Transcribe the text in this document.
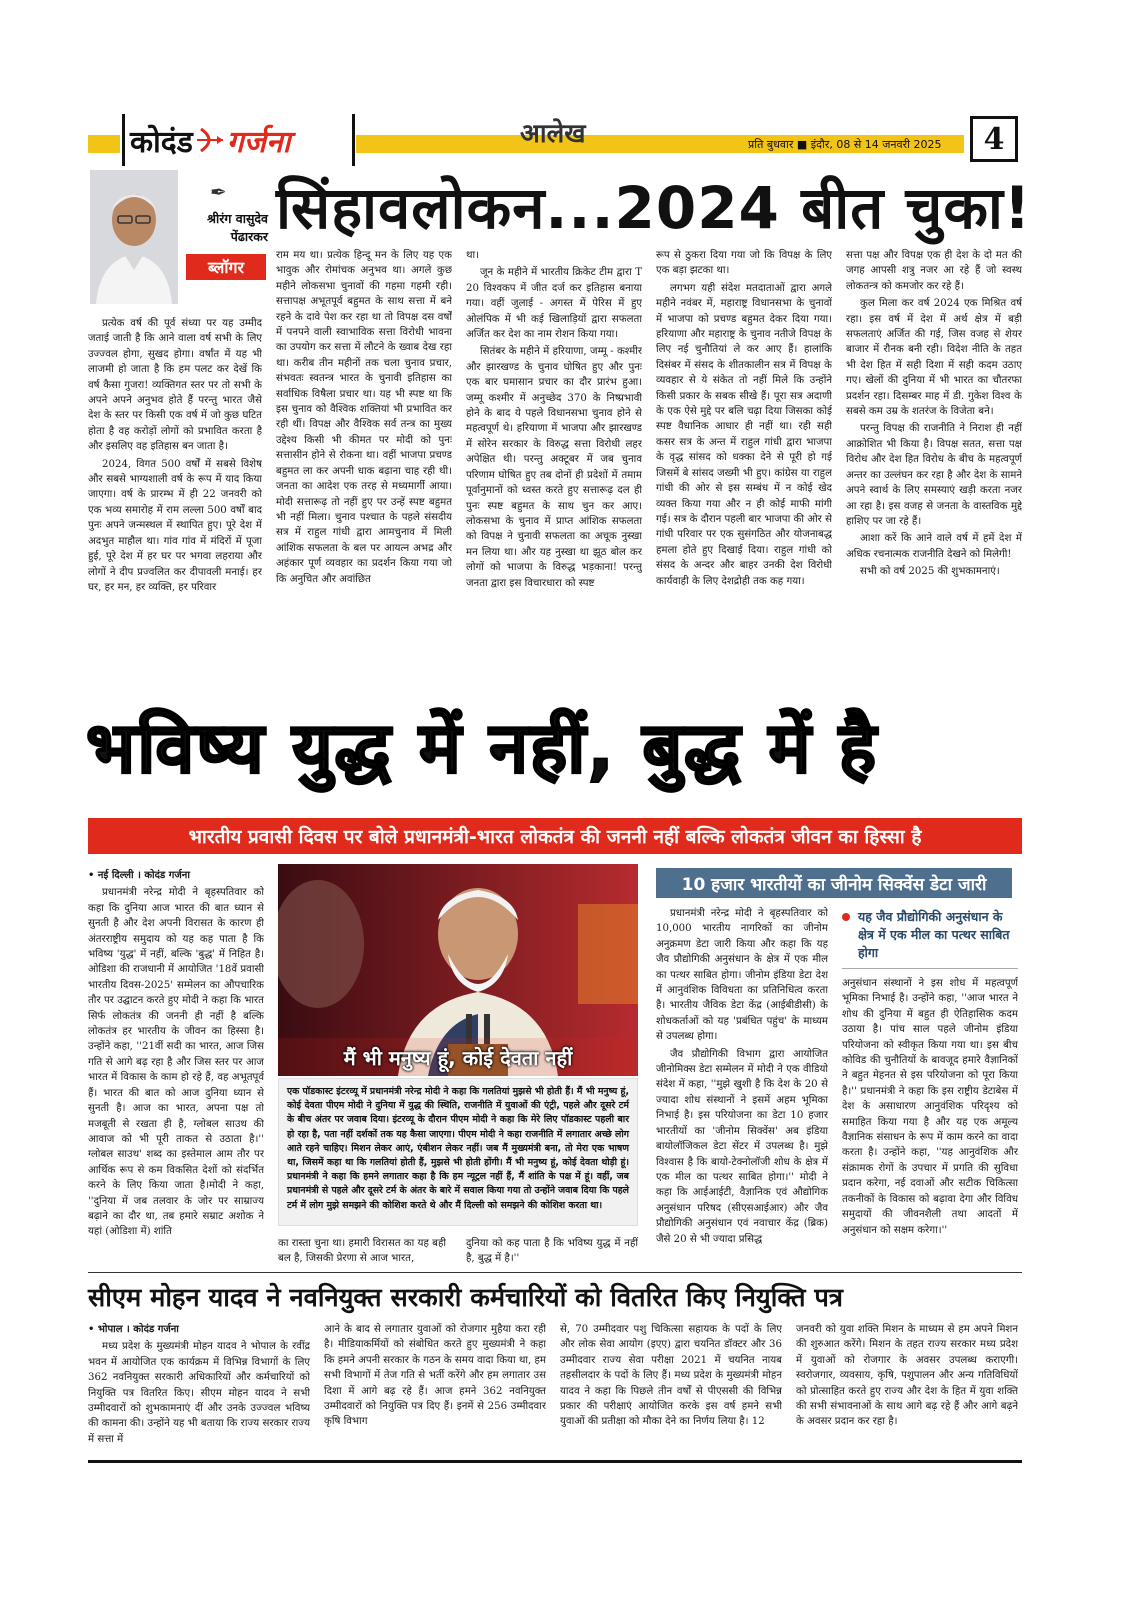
कोदंड गर्जना	आलेख	प्रति बुधवार ■ इंदौर, 08 से 14 जनवरी 2025 4
✒
श्रीरंग वासुदेव पेंढारकर
ब्लॉगर
सिंहावलोकन...2024 बीत चुका!

प्रत्येक वर्ष की पूर्व संध्या पर यह उम्मीद जताई जाती है कि आने वाला वर्ष सभी के लिए उज्ज्वल होगा, सुखद होगा। वर्षांत में यह भी लाजमी हो जाता है कि हम पलट कर देखें कि वर्ष कैसा गुजरा! व्यक्तिगत स्तर पर तो सभी के अपने अपने अनुभव होते हैं परन्तु भारत जैसे देश के स्तर पर किसी एक वर्ष में जो कुछ घटित होता है वह करोड़ों लोगों को प्रभावित करता है और इसलिए वह इतिहास बन जाता है।

2024, विगत 500 वर्षों में सबसे विशेष और सबसे भाग्यशाली वर्ष के रूप में याद किया जाएगा। वर्ष के प्रारम्भ में ही 22 जनवरी को एक भव्य समारोह में राम लल्ला 500 वर्षों बाद पुनः अपने जन्मस्थल में स्थापित हुए। पूरे देश में अदभुत माहौल था। गांव गांव में मंदिरों में पूजा हुई, पूरे देश में हर घर पर भगवा लहराया और लोगों ने दीप प्रज्वलित कर दीपावली मनाई। हर घर, हर मन, हर व्यक्ति, हर परिवार

राम मय था। प्रत्येक हिन्दू मन के लिए यह एक भावुक और रोमांचक अनुभव था। अगले कुछ महीने लोकसभा चुनावों की गहमा गहमी रही। सत्तापक्ष अभूतपूर्व बहुमत के साथ सत्ता में बने रहने के दावे पेश कर रहा था तो विपक्ष दस वर्षों में पनपने वाली स्वाभाविक सत्ता विरोधी भावना का उपयोग कर सत्ता में लौटने के ख्वाब देख रहा था। करीब तीन महीनों तक चला चुनाव प्रचार, संभवतः स्वतन्त्र भारत के चुनावी इतिहास का सर्वाधिक विषैला प्रचार था। यह भी स्पष्ट था कि इस चुनाव को वैश्विक शक्तियां भी प्रभावित कर रही थीं। विपक्ष और वैश्विक सर्व तन्त्र का मुख्य उद्देश्य किसी भी कीमत पर मोदी को पुनः सत्तासीन होने से रोकना था। वहीं भाजपा प्रचण्ड बहुमत ला कर अपनी धाक बढ़ाना चाह रही थी। जनता का आदेश एक तरह से मध्यमार्गी आया। मोदी सत्तारूढ़ तो नहीं हुए पर उन्हें स्पष्ट बहुमत भी नहीं मिला। चुनाव पश्चात के पहले संसदीय सत्र में राहुल गांधी द्वारा आमचुनाव में मिली आंशिक सफलता के बल पर आयत्न अभद्र और अहंकार पूर्ण व्यवहार का प्रदर्शन किया गया जो कि अनुचित और अवांछित

था।

जून के महीने में भारतीय क्रिकेट टीम द्वारा T 20 विश्वकप में जीत दर्ज कर इतिहास बनाया गया। वहीं जुलाई - अगस्त में पेरिस में हुए ओलंपिक में भी कई खिलाड़ियों द्वारा सफलता अर्जित कर देश का नाम रोशन किया गया।

सितंबर के महीने में हरियाणा, जम्मू - कश्मीर और झारखण्ड के चुनाव घोषित हुए और पुनः एक बार घमासान प्रचार का दौर प्रारंभ हुआ। जम्मू कश्मीर में अनुच्छेद 370 के निष्प्रभावी होने के बाद ये पहले विधानसभा चुनाव होने से महत्वपूर्ण थे। हरियाणा में भाजपा और झारखण्ड में सोरेन सरकार के विरुद्ध सत्ता विरोधी लहर अपेक्षित थी। परन्तु अक्टूबर में जब चुनाव परिणाम घोषित हुए तब दोनों ही प्रदेशों में तमाम पूर्वानुमानों को ध्वस्त करते हुए सत्तारूढ़ दल ही पुनः स्पष्ट बहुमत के साथ चुन कर आए। लोकसभा के चुनाव में प्राप्त आंशिक सफलता को विपक्ष ने चुनावी सफलता का अचूक नुस्खा मन लिया था। और यह नुस्खा था झूठ बोल कर लोगों को भाजपा के विरुद्ध भड़काना! परन्तु जनता द्वारा इस विचारधारा को स्पष्ट

रूप से ठुकरा दिया गया जो कि विपक्ष के लिए एक बड़ा झटका था।

लगभग यही संदेश मतदाताओं द्वारा अगले महीने नवंबर में, महाराष्ट्र विधानसभा के चुनावों में भाजपा को प्रचण्ड बहुमत देकर दिया गया। हरियाणा और महाराष्ट्र के चुनाव नतीजे विपक्ष के लिए नई चुनौतियां ले कर आए हैं। हालांकि दिसंबर में संसद के शीतकालीन सत्र में विपक्ष के व्यवहार से ये संकेत तो नहीं मिले कि उन्होंने किसी प्रकार के सबक सीखे हैं। पूरा सत्र अदाणी के एक ऐसे मुद्दे पर बलि चढ़ा दिया जिसका कोई स्पष्ट वैधानिक आधार ही नहीं था। रही सही कसर सत्र के अन्त में राहुल गांधी द्वारा भाजपा के वृद्ध सांसद को धक्का देने से पूरी हो गई जिसमें बे सांसद जख्मी भी हुए। कांग्रेस या राहुल गांधी की ओर से इस सम्बंध में न कोई खेद व्यक्त किया गया और न ही कोई माफी मांगी गई। सत्र के दौरान पहली बार भाजपा की ओर से गांधी परिवार पर एक सुसंगठित और योजनाबद्ध हमला होते हुए दिखाई दिया। राहुल गांधी को संसद के अन्दर और बाहर उनकी देश विरोधी कार्यवाही के लिए देशद्रोही तक कह गया।

सत्ता पक्ष और विपक्ष एक ही देश के दो मत की जगह आपसी शत्रु नजर आ रहे हैं जो स्वस्थ लोकतन्त्र को कमजोर कर रहे हैं।

कुल मिला कर वर्ष 2024 एक मिश्रित वर्ष रहा। इस वर्ष में देश में अर्थ क्षेत्र में बड़ी सफलताएं अर्जित की गई, जिस वजह से शेयर बाजार में रौनक बनी रही। विदेश नीति के तहत भी देश हित में सही दिशा में सही कदम उठाए गए। खेलों की दुनिया में भी भारत का चौतरफा प्रदर्शन रहा। दिसम्बर माह में डी. गुकेश विश्व के सबसे कम उम्र के शतरंज के विजेता बने।

परन्तु विपक्ष की राजनीति ने निराश ही नहीं आक्रोशित भी किया है। विपक्ष सतत, सत्ता पक्ष विरोध और देश हित विरोध के बीच के महत्वपूर्ण अन्तर का उल्लंघन कर रहा है और देश के सामने अपने स्वार्थ के लिए समस्याएं खड़ी करता नजर आ रहा है। इस वजह से जनता के वास्तविक मुद्दे हाशिए पर जा रहे हैं।

आशा करें कि आने वाले वर्ष में हमें देश में अधिक रचनात्मक राजनीति देखने को मिलेगी!

सभी को वर्ष 2025 की शुभकामनाएं।

भविष्य युद्ध में नहीं, बुद्ध में है
भारतीय प्रवासी दिवस पर बोले प्रधानमंत्री-भारत लोकतंत्र की जननी नहीं बल्कि लोकतंत्र जीवन का हिस्सा है

• नई दिल्ली । कोदंड गर्जना

प्रधानमंत्री नरेन्द्र मोदी ने बृहस्पतिवार को कहा कि दुनिया आज भारत की बात ध्यान से सुनती है और देश अपनी विरासत के कारण ही अंतरराष्ट्रीय समुदाय को यह कह पाता है कि भविष्य 'युद्ध' में नहीं, बल्कि 'बुद्ध' में निहित है। ओडिशा की राजधानी में आयोजित '18वें प्रवासी भारतीय दिवस-2025' सम्मेलन का औपचारिक तौर पर उद्घाटन करते हुए मोदी ने कहा कि भारत सिर्फ लोकतंत्र की जननी ही नहीं है बल्कि लोकतंत्र हर भारतीय के जीवन का हिस्सा है। उन्होंने कहा, ''21वीं सदी का भारत, आज जिस गति से आगे बढ़ रहा है और जिस स्तर पर आज भारत में विकास के काम हो रहे हैं, वह अभूतपूर्व हैं। भारत की बात को आज दुनिया ध्यान से सुनती है। आज का भारत, अपना पक्ष तो मजबूती से रखता ही है, ग्लोबल साउथ की आवाज को भी पूरी ताकत से उठाता है।'' ग्लोबल साउथ' शब्द का इस्तेमाल आम तौर पर आर्थिक रूप से कम विकसित देशों को संदर्भित करने के लिए किया जाता है।मोदी ने कहा, ''दुनिया में जब तलवार के जोर पर साम्राज्य बढ़ाने का दौर था, तब हमारे सम्राट अशोक ने यहां (ओडिशा में) शांति

मैं भी मनुष्य हूं, कोई देवता नहीं
एक पॉडकास्ट इंटरव्यू में प्रधानमंत्री नरेन्द्र मोदी ने कहा कि गलतियां मुझसे भी होती हैं। मैं भी मनुष्य हूं, कोई देवता पीएम मोदी ने दुनिया में युद्ध की स्थिति, राजनीति में युवाओं की एंट्री, पहले और दूसरे टर्म के बीच अंतर पर जवाब दिया। इंटरव्यू के दौरान पीएम मोदी ने कहा कि मेरे लिए पॉडकास्ट पहली बार हो रहा है, पता नहीं दर्शकों तक यह कैसा जाएगा। पीएम मोदी ने कहा राजनीति में लगातार अच्छे लोग आते रहने चाहिए। मिशन लेकर आएं, एंबीशन लेकर नहीं। जब मैं मुख्यमंत्री बना, तो मेरा एक भाषण था, जिसमें कहा था कि गलतियां होती हैं, मुझसे भी होती होंगी। मैं भी मनुष्य हूं, कोई देवता थोड़ी हूं। प्रधानमंत्री ने कहा कि हमने लगातार कहा है कि हम न्यूट्रल नहीं हैं, मैं शांति के पक्ष में हूं। वहीं, जब प्रधानमंत्री से पहले और दूसरे टर्म के अंतर के बारे में सवाल किया गया तो उन्होंने जवाब दिया कि पहले टर्म में लोग मुझे समझने की कोशिश करते थे और मैं दिल्ली को समझने की कोशिश करता था।

का रास्ता चुना था। हमारी विरासत का यह बही बल है, जिसकी प्रेरणा से आज भारत,

दुनिया को कह पाता है कि भविष्य युद्ध में नहीं है, बुद्ध में है।''

10 हजार भारतीयों का जीनोम सिक्वेंस डेटा जारी

प्रधानमंत्री नरेन्द्र मोदी ने बृहस्पतिवार को 10,000 भारतीय नागरिकों का जीनोम अनुक्रमण डेटा जारी किया और कहा कि यह जैव प्रौद्योगिकी अनुसंधान के क्षेत्र में एक मील का पत्थर साबित होगा। जीनोम इंडिया डेटा देश में आनुवंशिक विविधता का प्रतिनिधित्व करता है। भारतीय जैविक डेटा केंद्र (आईबीडीसी) के शोधकर्ताओं को यह 'प्रबंधित पहुंच' के माध्यम से उपलब्ध होगा।

जैव प्रौद्योगिकी विभाग द्वारा आयोजित जीनोमिक्स डेटा सम्मेलन में मोदी ने एक वीडियो संदेश में कहा, ''मुझे खुशी है कि देश के 20 से ज्यादा शोध संस्थानों ने इसमें अहम भूमिका निभाई है। इस परियोजना का डेटा 10 हजार भारतीयों का 'जीनोम सिक्वेंस' अब इंडिया बायोलॉजिकल डेटा सेंटर में उपलब्ध है। मुझे विश्वास है कि बायो-टेक्नोलॉजी शोध के क्षेत्र में एक मील का पत्थर साबित होगा।'' मोदी ने कहा कि आईआईटी, वैज्ञानिक एवं औद्योगिक अनुसंधान परिषद (सीएसआईआर) और जैव प्रौद्योगिकी अनुसंधान एवं नवाचार केंद्र (ब्रिक) जैसे 20 से भी ज्यादा प्रसिद्ध

यह जैव प्रौद्योगिकी अनुसंधान के क्षेत्र में एक मील का पत्थर साबित होगा

अनुसंधान संस्थानों ने इस शोध में महत्वपूर्ण भूमिका निभाई है। उन्होंने कहा, ''आज भारत ने शोध की दुनिया में बहुत ही ऐतिहासिक कदम उठाया है। पांच साल पहले जीनोम इंडिया परियोजना को स्वीकृत किया गया था। इस बीच कोविड की चुनौतियों के बावजूद हमारे वैज्ञानिकों ने बहुत मेहनत से इस परियोजना को पूरा किया है।'' प्रधानमंत्री ने कहा कि इस राष्ट्रीय डेटाबेस में देश के असाधारण आनुवंशिक परिदृश्य को समाहित किया गया है और यह एक अमूल्य वैज्ञानिक संसाधन के रूप में काम करने का वादा करता है। उन्होंने कहा, ''यह आनुवंशिक और संक्रामक रोगों के उपचार में प्रगति की सुविधा प्रदान करेगा, नई दवाओं और सटीक चिकित्सा तकनीकों के विकास को बढ़ावा देगा और विविध समुदायों की जीवनशैली तथा आदतों में अनुसंधान को सक्षम करेगा।''

सीएम मोहन यादव ने नवनियुक्त सरकारी कर्मचारियों को वितरित किए नियुक्ति पत्र

• भोपाल । कोदंड गर्जना

मध्य प्रदेश के मुख्यमंत्री मोहन यादव ने भोपाल के रवींद्र भवन में आयोजित एक कार्यक्रम में विभिन्न विभागों के लिए 362 नवनियुक्त सरकारी अधिकारियों और कर्मचारियों को नियुक्ति पत्र वितरित किए। सीएम मोहन यादव ने सभी उम्मीदवारों को शुभकामनाएं दीं और उनके उज्ज्वल भविष्य की कामना की। उन्होंने यह भी बताया कि राज्य सरकार राज्य में सत्ता में

आने के बाद से लगातार युवाओं को रोजगार मुहैया करा रही है। मीडियाकर्मियों को संबोधित करते हुए मुख्यमंत्री ने कहा कि हमने अपनी सरकार के गठन के समय वादा किया था, हम सभी विभागों में तेज गति से भर्ती करेंगे और हम लगातार उस दिशा में आगे बढ़ रहे हैं। आज हमने 362 नवनियुक्त उम्मीदवारों को नियुक्ति पत्र दिए हैं। इनमें से 256 उम्मीदवार कृषि विभाग

से, 70 उम्मीदवार पशु चिकित्सा सहायक के पदों के लिए और लोक सेवा आयोग (इएए) द्वारा चयनित डॉक्टर और 36 उम्मीदवार राज्य सेवा परीक्षा 2021 में चयनित नायब तहसीलदार के पदों के लिए हैं। मध्य प्रदेश के मुख्यमंत्री मोहन यादव ने कहा कि पिछले तीन वर्षों से पीएससी की विभिन्न प्रकार की परीक्षाएं आयोजित करके इस वर्ष हमने सभी युवाओं की प्रतीक्षा को मौका देने का निर्णय लिया है। 12

जनवरी को युवा शक्ति मिशन के माध्यम से हम अपने मिशन की शुरुआत करेंगे। मिशन के तहत राज्य सरकार मध्य प्रदेश में युवाओं को रोजगार के अवसर उपलब्ध कराएगी। स्वरोजगार, व्यवसाय, कृषि, पशुपालन और अन्य गतिविधियों को प्रोत्साहित करते हुए राज्य और देश के हित में युवा शक्ति की सभी संभावनाओं के साथ आगे बढ़ रहे हैं और आगे बढ़ने के अवसर प्रदान कर रहा है।
